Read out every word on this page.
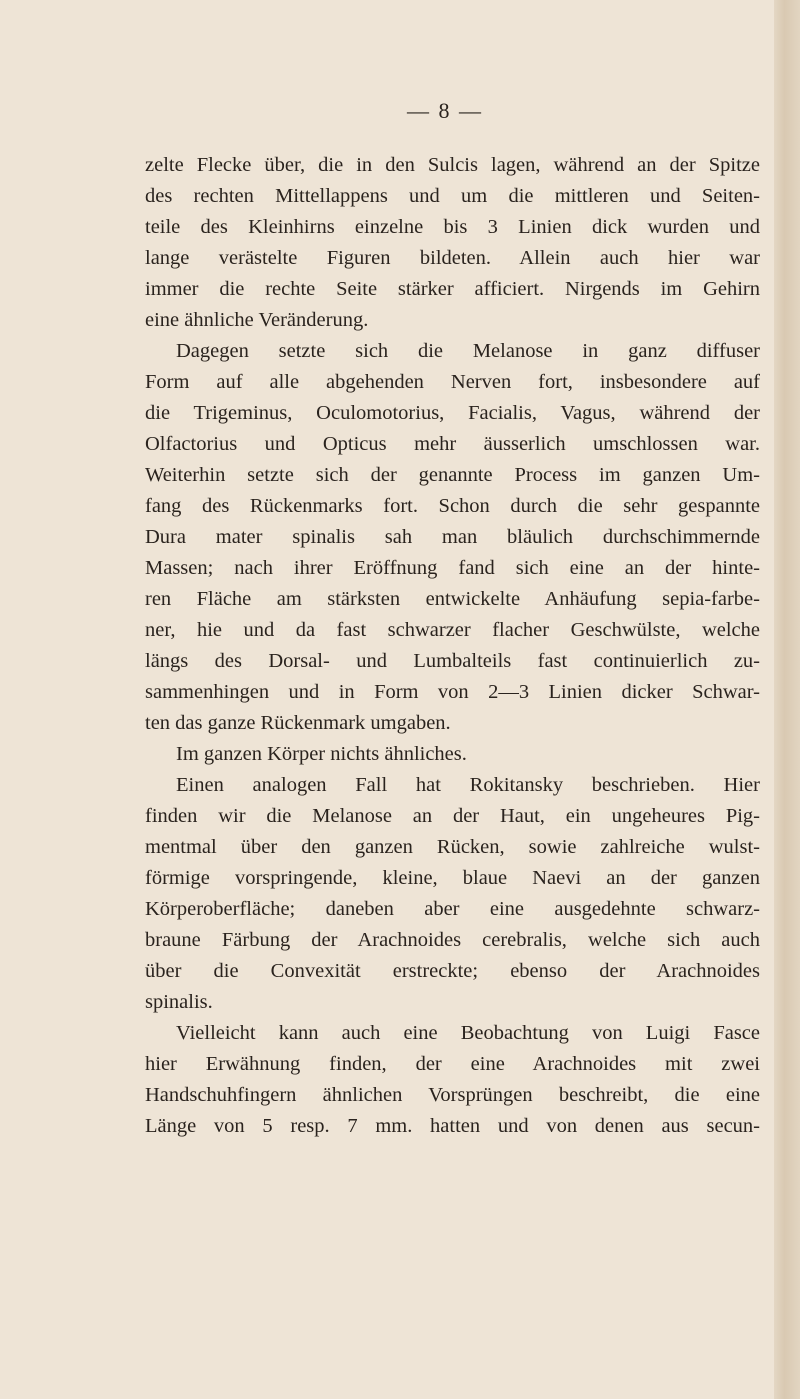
— 8 —
zelte Flecke über, die in den Sulcis lagen, während an der Spitze
des rechten Mittellappens und um die mittleren und Seiten-
teile des Kleinhirns einzelne bis 3 Linien dick wurden und
lange verästelte Figuren bildeten. Allein auch hier war
immer die rechte Seite stärker afficiert. Nirgends im Gehirn
eine ähnliche Veränderung.
Dagegen setzte sich die Melanose in ganz diffuser
Form auf alle abgehenden Nerven fort, insbesondere auf
die Trigeminus, Oculomotorius, Facialis, Vagus, während der
Olfactorius und Opticus mehr äusserlich umschlossen war.
Weiterhin setzte sich der genannte Process im ganzen Um-
fang des Rückenmarks fort. Schon durch die sehr gespannte
Dura mater spinalis sah man bläulich durchschimmernde
Massen; nach ihrer Eröffnung fand sich eine an der hinte-
ren Fläche am stärksten entwickelte Anhäufung sepia-farbe-
ner, hie und da fast schwarzer flacher Geschwülste, welche
längs des Dorsal- und Lumbalteils fast continuierlich zu-
sammenhingen und in Form von 2—3 Linien dicker Schwar-
ten das ganze Rückenmark umgaben.
Im ganzen Körper nichts ähnliches.
Einen analogen Fall hat Rokitansky beschrieben. Hier
finden wir die Melanose an der Haut, ein ungeheures Pig-
mentmal über den ganzen Rücken, sowie zahlreiche wulst-
förmige vorspringende, kleine, blaue Naevi an der ganzen
Körperoberfläche; daneben aber eine ausgedehnte schwarz-
braune Färbung der Arachnoides cerebralis, welche sich auch
über die Convexität erstreckte; ebenso der Arachnoides
spinalis.
Vielleicht kann auch eine Beobachtung von Luigi Fasce
hier Erwähnung finden, der eine Arachnoides mit zwei
Handschuhfingern ähnlichen Vorsprüngen beschreibt, die eine
Länge von 5 resp. 7 mm. hatten und von denen aus secun-
